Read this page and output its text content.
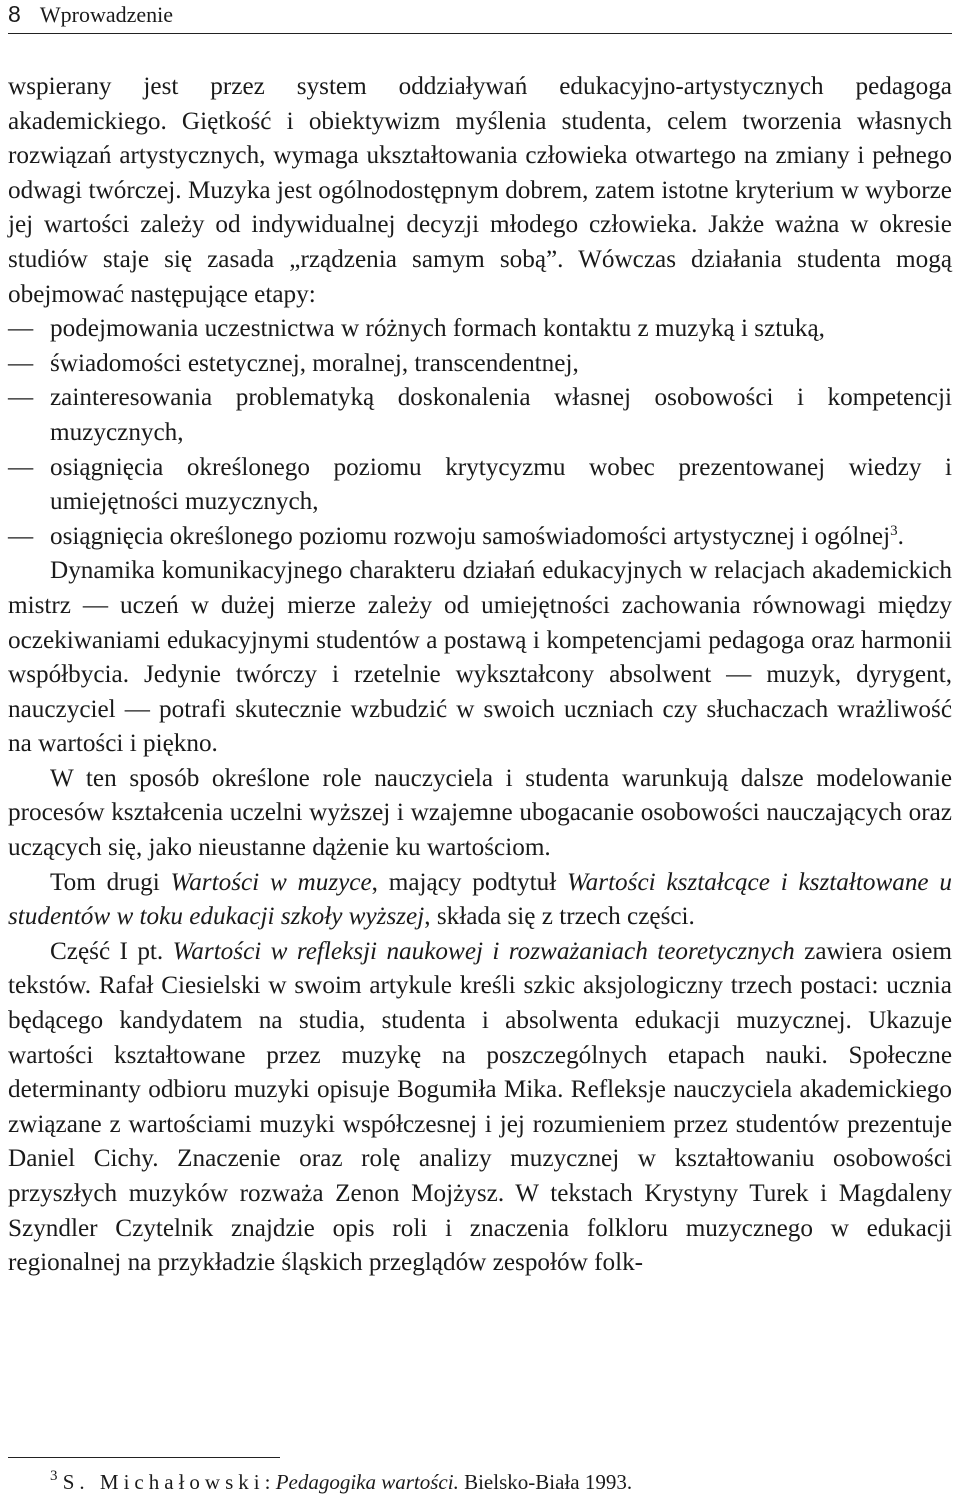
8 Wprowadzenie

wspierany jest przez system oddziaływań edukacyjno-artystycznych pedagoga akademickiego. Giętkość i obiektywizm myślenia studenta, celem tworzenia własnych rozwiązań artystycznych, wymaga ukształtowania człowieka otwartego na zmiany i pełnego odwagi twórczej. Muzyka jest ogólnodostępnym dobrem, zatem istotne kryterium w wyborze jej wartości zależy od indywidualnej decyzji młodego człowieka. Jakże ważna w okresie studiów staje się zasada „rządzenia samym sobą”. Wówczas działania studenta mogą obejmować następujące etapy:

— podejmowania uczestnictwa w różnych formach kontaktu z muzyką i sztuką,

— świadomości estetycznej, moralnej, transcendentnej,

— zainteresowania problematyką doskonalenia własnej osobowości i kompetencji muzycznych,

— osiągnięcia określonego poziomu krytycyzmu wobec prezentowanej wiedzy i umiejętności muzycznych,

— osiągnięcia określonego poziomu rozwoju samoświadomości artystycznej i ogólnej$^3$.

Dynamika komunikacyjnego charakteru działań edukacyjnych w relacjach akademickich mistrz — uczeń w dużej mierze zależy od umiejętności zachowania równowagi między oczekiwaniami edukacyjnymi studentów a postawą i kompetencjami pedagoga oraz harmonii współbycia. Jedynie twórczy i rzetelnie wykształcony absolwent — muzyk, dyrygent, nauczyciel — potrafi skutecznie wzbudzić w swoich uczniach czy słuchaczach wrażliwość na wartości i piękno.

W ten sposób określone role nauczyciela i studenta warunkują dalsze modelowanie procesów kształcenia uczelni wyższej i wzajemne ubogacanie osobowości nauczających oraz uczących się, jako nieustanne dążenie ku wartościom.

Tom drugi Wartości w muzyce, mający podtytuł Wartości kształcące i kształtowane u studentów w toku edukacji szkoły wyższej, składa się z trzech części.

Część I pt. Wartości w refleksji naukowej i rozważaniach teoretycznych zawiera osiem tekstów. Rafał Ciesielski w swoim artykule kreśli szkic aksjologiczny trzech postaci: ucznia będącego kandydatem na studia, studenta i absolwenta edukacji muzycznej. Ukazuje wartości kształtowane przez muzykę na poszczególnych etapach nauki. Społeczne determinanty odbioru muzyki opisuje Bogumiła Mika. Refleksje nauczyciela akademickiego związane z wartościami muzyki współczesnej i jej rozumieniem przez studentów prezentuje Daniel Cichy. Znaczenie oraz rolę analizy muzycznej w kształtowaniu osobowości przyszłych muzyków rozważa Zenon Mojżysz. W tekstach Krystyny Turek i Magdaleny Szyndler Czytelnik znajdzie opis roli i znaczenia folkloru muzycznego w edukacji regionalnej na przykładzie śląskich przeglądów zespołów folk-

$^3$ S. Michałowski: Pedagogika wartości. Bielsko-Biała 1993.
